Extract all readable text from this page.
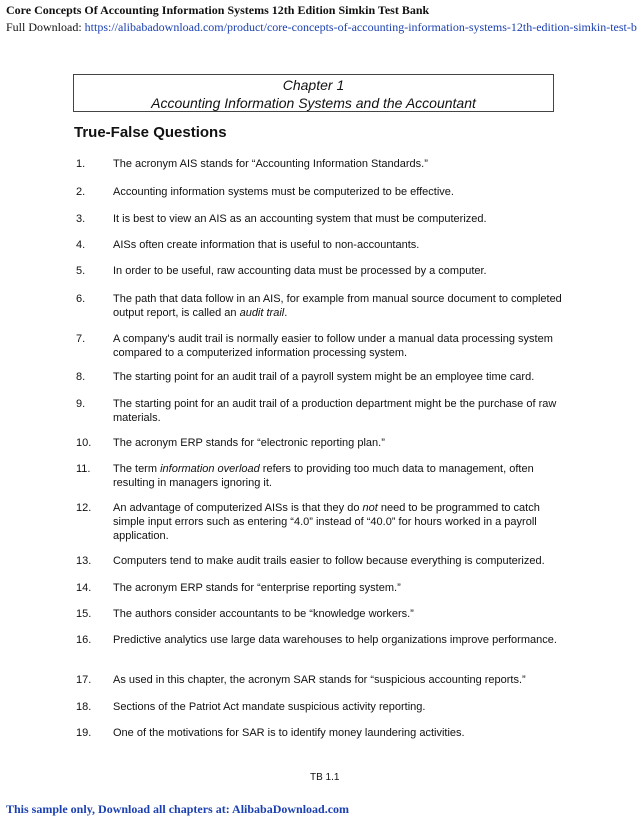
Core Concepts Of Accounting Information Systems 12th Edition Simkin Test Bank
Full Download: https://alibabadownload.com/product/core-concepts-of-accounting-information-systems-12th-edition-simkin-test-b
Chapter 1
Accounting Information Systems and the Accountant
True-False Questions
1.	The acronym AIS stands for “Accounting Information Standards.”
2.	Accounting information systems must be computerized to be effective.
3.	It is best to view an AIS as an accounting system that must be computerized.
4.	AISs often create information that is useful to non-accountants.
5.	In order to be useful, raw accounting data must be processed by a computer.
6.	The path that data follow in an AIS, for example from manual source document to completed output report, is called an audit trail.
7.	A company's audit trail is normally easier to follow under a manual data processing system compared to a computerized information processing system.
8.	The starting point for an audit trail of a payroll system might be an employee time card.
9.	The starting point for an audit trail of a production department might be the purchase of raw materials.
10. The acronym ERP stands for “electronic reporting plan.”
11. The term information overload refers to providing too much data to management, often resulting in managers ignoring it.
12. An advantage of computerized AISs is that they do not need to be programmed to catch simple input errors such as entering “4.0” instead of “40.0” for hours worked in a payroll application.
13. Computers tend to make audit trails easier to follow because everything is computerized.
14. The acronym ERP stands for “enterprise reporting system.”
15. The authors consider accountants to be “knowledge workers.”
16. Predictive analytics use large data warehouses to help organizations improve performance.
17. As used in this chapter, the acronym SAR stands for “suspicious accounting reports.”
18. Sections of the Patriot Act mandate suspicious activity reporting.
19. One of the motivations for SAR is to identify money laundering activities.
TB 1.1
This sample only, Download all chapters at: AlibabaDownload.com
